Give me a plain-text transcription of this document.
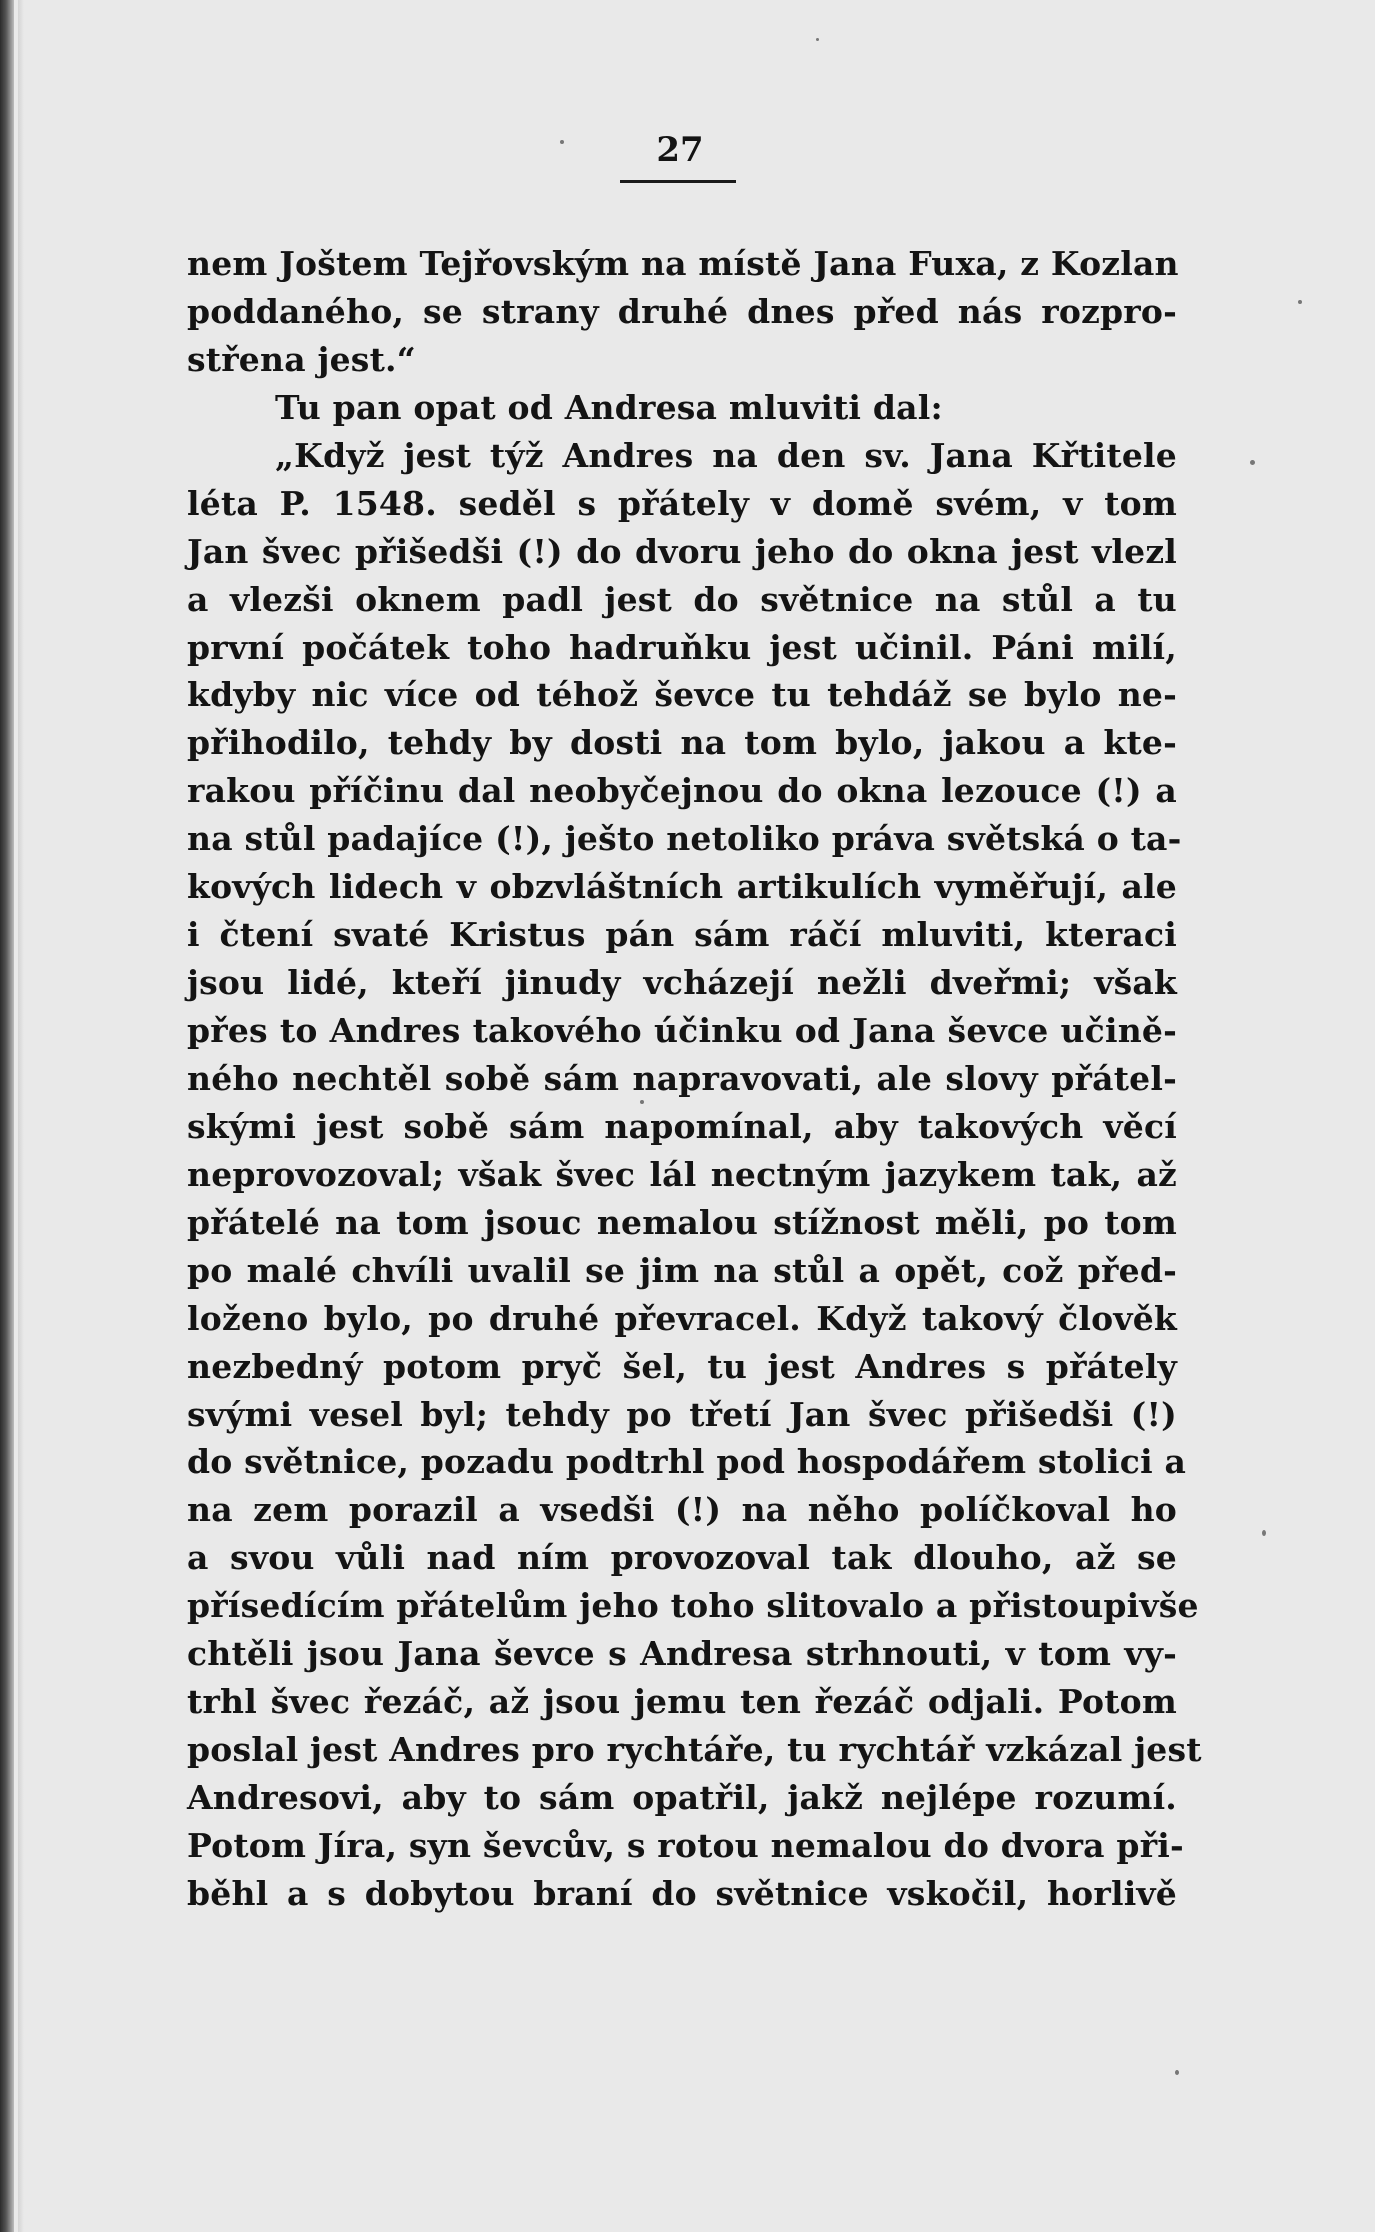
27
nem Joštem Tejřovským na místě Jana Fuxa, z Kozlan
poddaného, se strany druhé dnes před nás rozpro-
střena jest.“
Tu pan opat od Andresa mluviti dal:
„Když jest týž Andres na den sv. Jana Křtitele
léta P. 1548. seděl s přátely v domě svém, v tom
Jan švec přišedši (!) do dvoru jeho do okna jest vlezl
a vlezši oknem padl jest do světnice na stůl a tu
první počátek toho hadruňku jest učinil. Páni milí,
kdyby nic více od téhož ševce tu tehdáž se bylo ne-
přihodilo, tehdy by dosti na tom bylo, jakou a kte-
rakou příčinu dal neobyčejnou do okna lezouce (!) a
na stůl padajíce (!), ješto netoliko práva světská o ta-
kových lidech v obzvláštních artikulích vyměřují, ale
i čtení svaté Kristus pán sám ráčí mluviti, kteraci
jsou lidé, kteří jinudy vcházejí nežli dveřmi; však
přes to Andres takového účinku od Jana ševce učině-
ného nechtěl sobě sám napravovati, ale slovy přátel-
skými jest sobě sám napomínal, aby takových věcí
neprovozoval; však švec lál nectným jazykem tak, až
přátelé na tom jsouc nemalou stížnost měli, po tom
po malé chvíli uvalil se jim na stůl a opět, což před-
loženo bylo, po druhé převracel. Když takový člověk
nezbedný potom pryč šel, tu jest Andres s přátely
svými vesel byl; tehdy po třetí Jan švec přišedši (!)
do světnice, pozadu podtrhl pod hospodářem stolici a
na zem porazil a vsedši (!) na něho políčkoval ho
a svou vůli nad ním provozoval tak dlouho, až se
přísedícím přátelům jeho toho slitovalo a přistoupivše
chtěli jsou Jana ševce s Andresa strhnouti, v tom vy-
trhl švec řezáč, až jsou jemu ten řezáč odjali. Potom
poslal jest Andres pro rychtáře, tu rychtář vzkázal jest
Andresovi, aby to sám opatřil, jakž nejlépe rozumí.
Potom Jíra, syn ševcův, s rotou nemalou do dvora při-
běhl a s dobytou braní do světnice vskočil, horlivě
